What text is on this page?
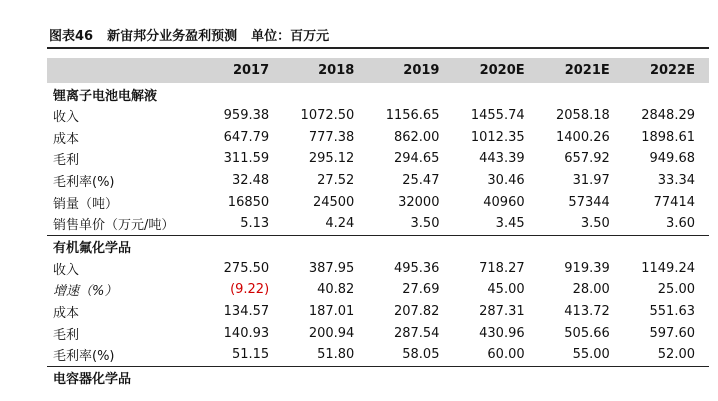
图表46 新宙邦分业务盈利预测 单位：百万元
	2017	2018	2019	2020E	2021E	2022E
锂离子电池电解液						
收入	959.38	1072.50	1156.65	1455.74	2058.18	2848.29
成本	647.79	777.38	862.00	1012.35	1400.26	1898.61
毛利	311.59	295.12	294.65	443.39	657.92	949.68
毛利率(%)	32.48	27.52	25.47	30.46	31.97	33.34
销量（吨）	16850	24500	32000	40960	57344	77414
销售单价（万元/吨）	5.13	4.24	3.50	3.45	3.50	3.60
有机氟化学品						
收入	275.50	387.95	495.36	718.27	919.39	1149.24
增速（%）	(9.22)	40.82	27.69	45.00	28.00	25.00
成本	134.57	187.01	207.82	287.31	413.72	551.63
毛利	140.93	200.94	287.54	430.96	505.66	597.60
毛利率(%)	51.15	51.80	58.05	60.00	55.00	52.00
电容器化学品						
